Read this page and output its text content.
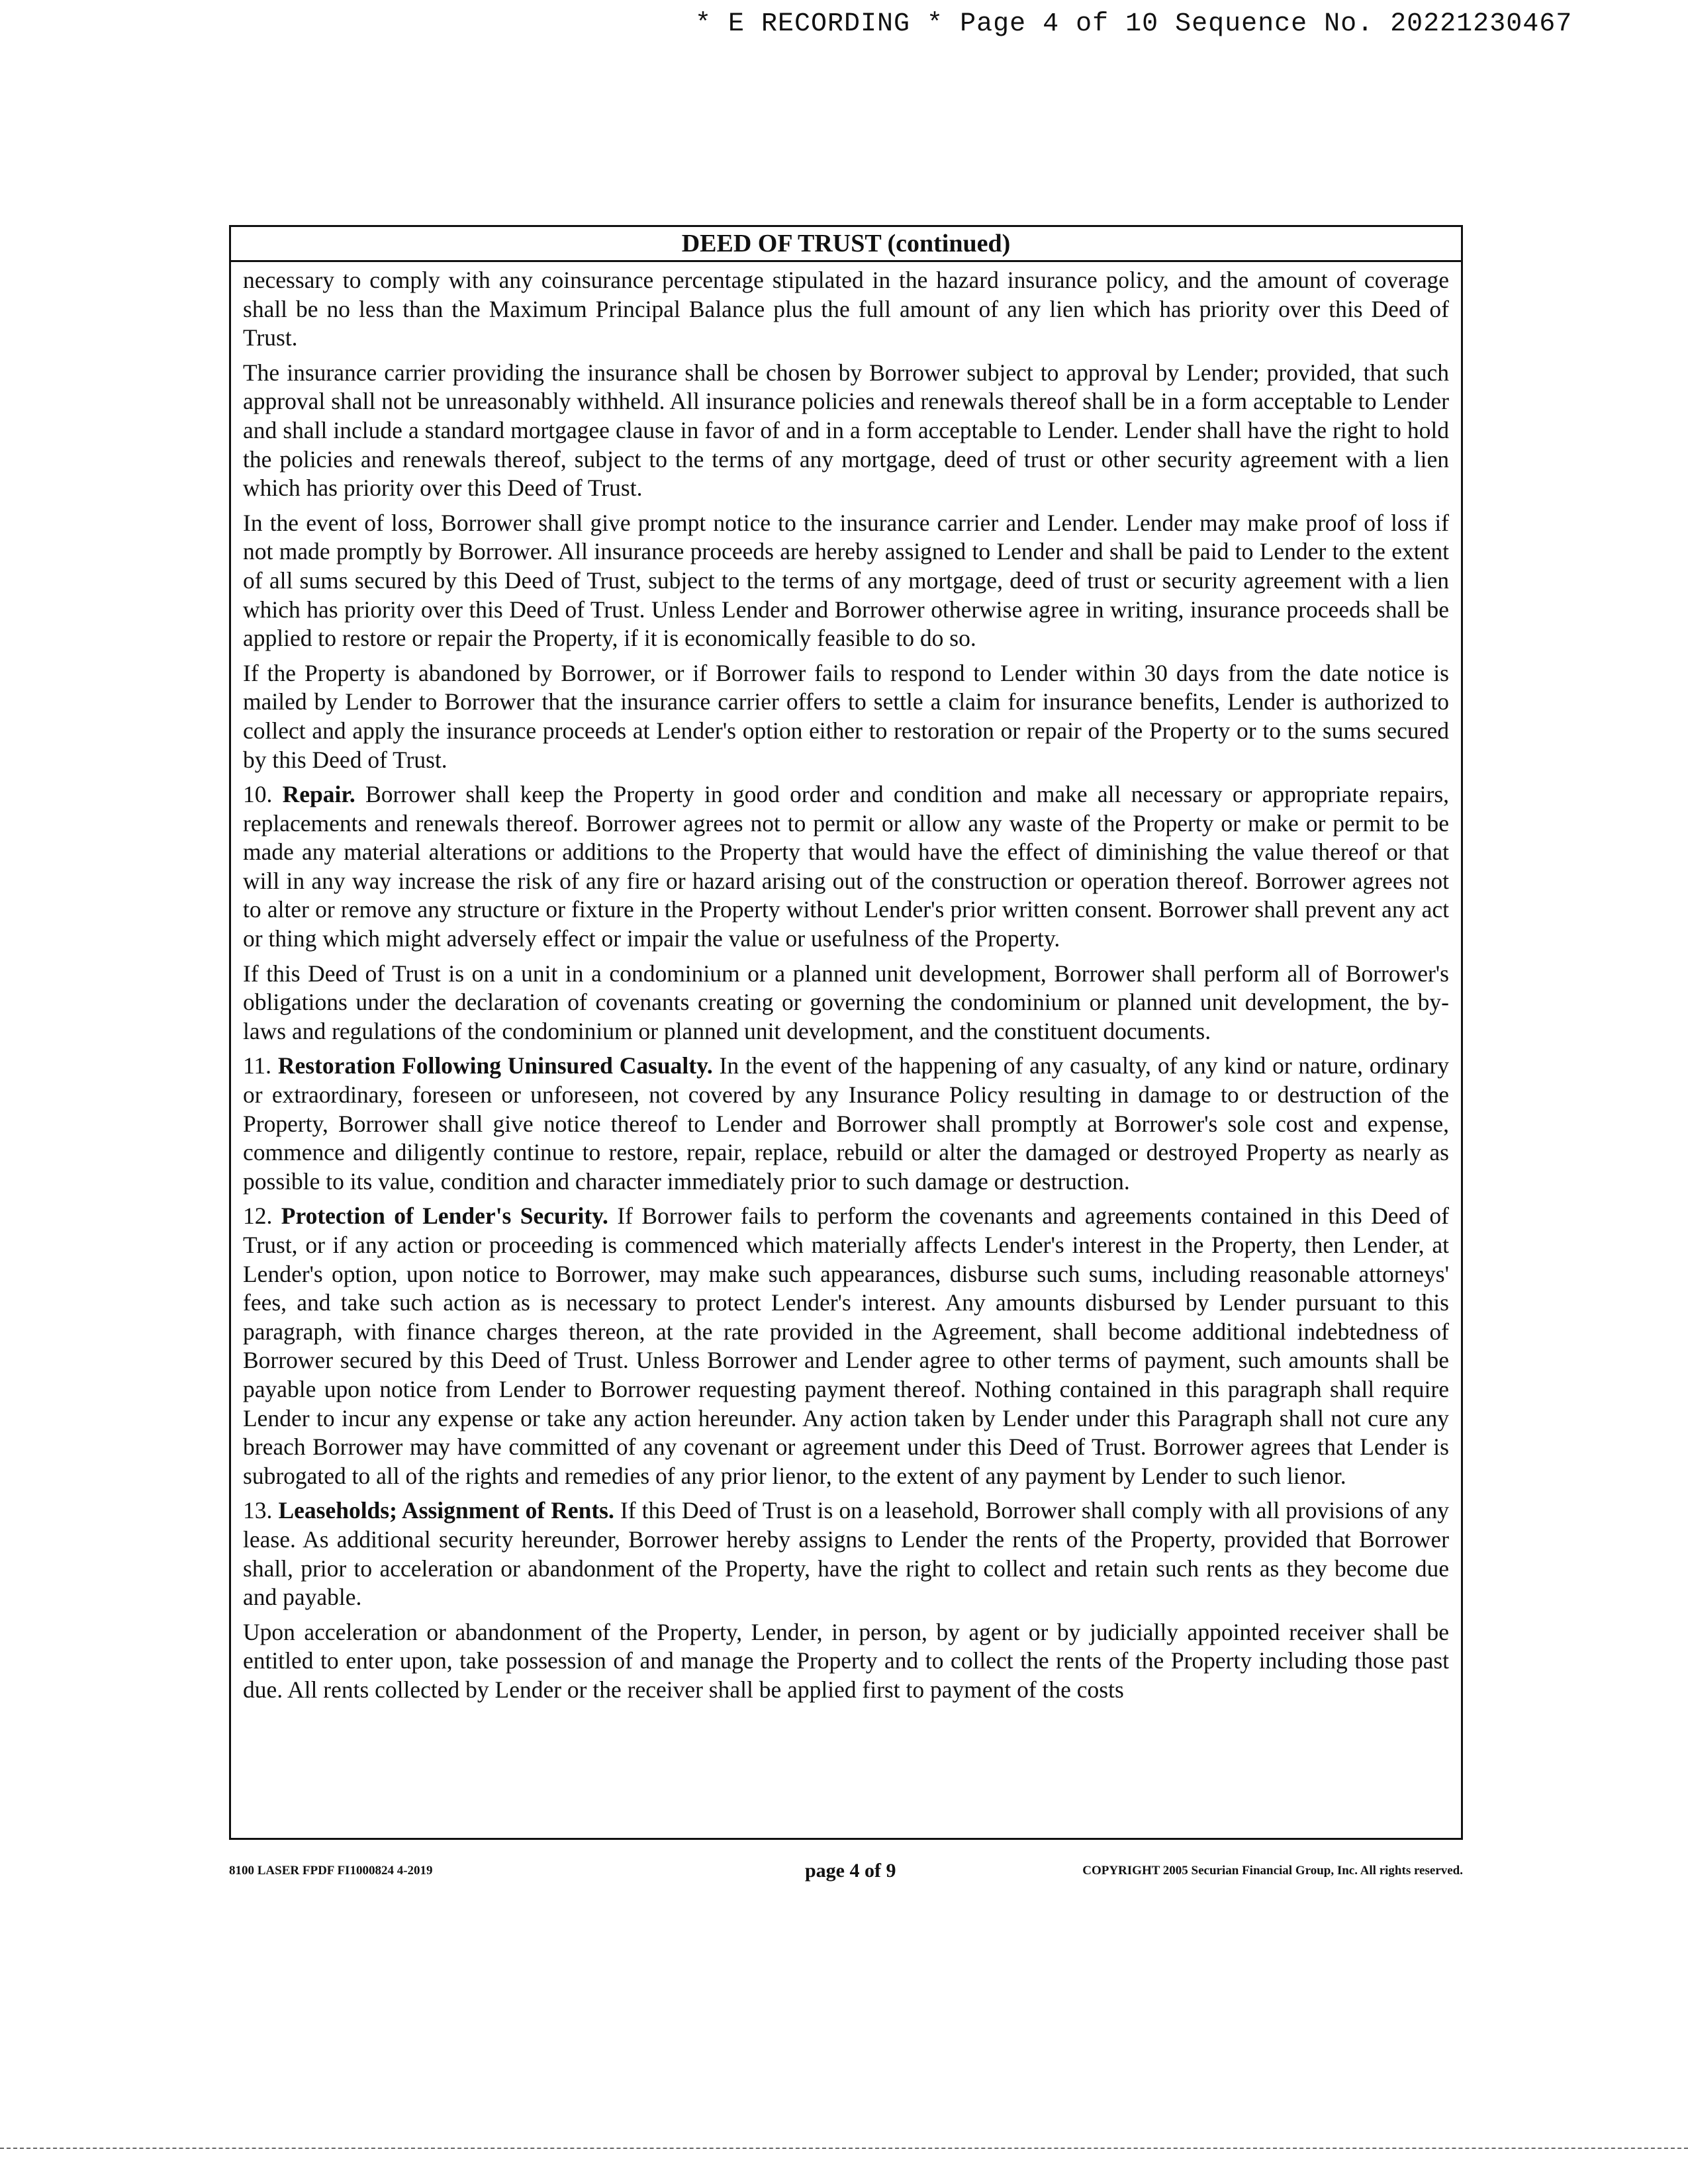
* E RECORDING * Page 4 of 10 Sequence No. 20221230467
DEED OF TRUST (continued)

necessary to comply with any coinsurance percentage stipulated in the hazard insurance policy, and the amount of coverage shall be no less than the Maximum Principal Balance plus the full amount of any lien which has priority over this Deed of Trust.

The insurance carrier providing the insurance shall be chosen by Borrower subject to approval by Lender; provided, that such approval shall not be unreasonably withheld. All insurance policies and renewals thereof shall be in a form acceptable to Lender and shall include a standard mortgagee clause in favor of and in a form acceptable to Lender. Lender shall have the right to hold the policies and renewals thereof, subject to the terms of any mortgage, deed of trust or other security agreement with a lien which has priority over this Deed of Trust.

In the event of loss, Borrower shall give prompt notice to the insurance carrier and Lender. Lender may make proof of loss if not made promptly by Borrower. All insurance proceeds are hereby assigned to Lender and shall be paid to Lender to the extent of all sums secured by this Deed of Trust, subject to the terms of any mortgage, deed of trust or security agreement with a lien which has priority over this Deed of Trust. Unless Lender and Borrower otherwise agree in writing, insurance proceeds shall be applied to restore or repair the Property, if it is economically feasible to do so.

If the Property is abandoned by Borrower, or if Borrower fails to respond to Lender within 30 days from the date notice is mailed by Lender to Borrower that the insurance carrier offers to settle a claim for insurance benefits, Lender is authorized to collect and apply the insurance proceeds at Lender's option either to restoration or repair of the Property or to the sums secured by this Deed of Trust.

10. Repair. Borrower shall keep the Property in good order and condition and make all necessary or appropriate repairs, replacements and renewals thereof. Borrower agrees not to permit or allow any waste of the Property or make or permit to be made any material alterations or additions to the Property that would have the effect of diminishing the value thereof or that will in any way increase the risk of any fire or hazard arising out of the construction or operation thereof. Borrower agrees not to alter or remove any structure or fixture in the Property without Lender's prior written consent. Borrower shall prevent any act or thing which might adversely effect or impair the value or usefulness of the Property.

If this Deed of Trust is on a unit in a condominium or a planned unit development, Borrower shall perform all of Borrower's obligations under the declaration of covenants creating or governing the condominium or planned unit development, the by-laws and regulations of the condominium or planned unit development, and the constituent documents.

11. Restoration Following Uninsured Casualty. In the event of the happening of any casualty, of any kind or nature, ordinary or extraordinary, foreseen or unforeseen, not covered by any Insurance Policy resulting in damage to or destruction of the Property, Borrower shall give notice thereof to Lender and Borrower shall promptly at Borrower's sole cost and expense, commence and diligently continue to restore, repair, replace, rebuild or alter the damaged or destroyed Property as nearly as possible to its value, condition and character immediately prior to such damage or destruction.

12. Protection of Lender's Security. If Borrower fails to perform the covenants and agreements contained in this Deed of Trust, or if any action or proceeding is commenced which materially affects Lender's interest in the Property, then Lender, at Lender's option, upon notice to Borrower, may make such appearances, disburse such sums, including reasonable attorneys' fees, and take such action as is necessary to protect Lender's interest. Any amounts disbursed by Lender pursuant to this paragraph, with finance charges thereon, at the rate provided in the Agreement, shall become additional indebtedness of Borrower secured by this Deed of Trust. Unless Borrower and Lender agree to other terms of payment, such amounts shall be payable upon notice from Lender to Borrower requesting payment thereof. Nothing contained in this paragraph shall require Lender to incur any expense or take any action hereunder. Any action taken by Lender under this Paragraph shall not cure any breach Borrower may have committed of any covenant or agreement under this Deed of Trust. Borrower agrees that Lender is subrogated to all of the rights and remedies of any prior lienor, to the extent of any payment by Lender to such lienor.

13. Leaseholds; Assignment of Rents. If this Deed of Trust is on a leasehold, Borrower shall comply with all provisions of any lease. As additional security hereunder, Borrower hereby assigns to Lender the rents of the Property, provided that Borrower shall, prior to acceleration or abandonment of the Property, have the right to collect and retain such rents as they become due and payable.

Upon acceleration or abandonment of the Property, Lender, in person, by agent or by judicially appointed receiver shall be entitled to enter upon, take possession of and manage the Property and to collect the rents of the Property including those past due. All rents collected by Lender or the receiver shall be applied first to payment of the costs

8100 LASER FPDF FI1000824 4-2019	page 4 of 9	COPYRIGHT 2005 Securian Financial Group, Inc. All rights reserved.
